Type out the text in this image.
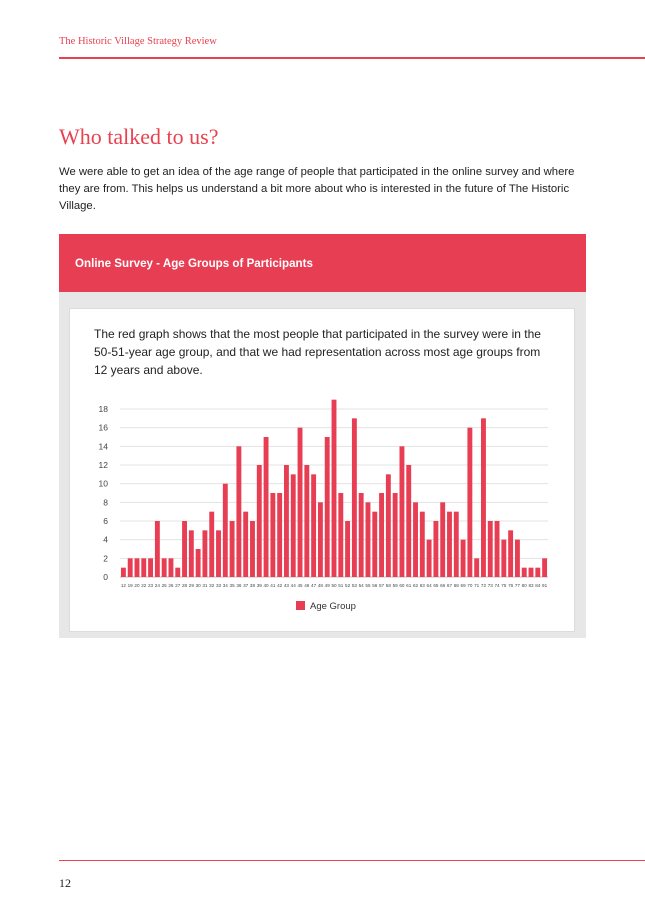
The Historic Village Strategy Review
Who talked to us?

We were able to get an idea of the age range of people that participated in the online survey and where they are from. This helps us understand a bit more about who is interested in the future of The Historic Village.

Online Survey - Age Groups of Participants

The red graph shows that the most people that participated in the survey were in the 50-51-year age group, and that we had representation across most age groups from 12 years and above.

0
2
4
6
8
10
12
14
16
18
12 19 20 22 23 24 25 26 27 28 29 30 31 32 33 34 35 36 37 38 39 40 41 42 43 44 45 46 47 48 49 50 51 52 53 54 55 56 57 58 59 60 61 62 63 64 65 66 67 68 69 70 71 72 73 74 75 76 77 80 83 84 91
Age Group
12
